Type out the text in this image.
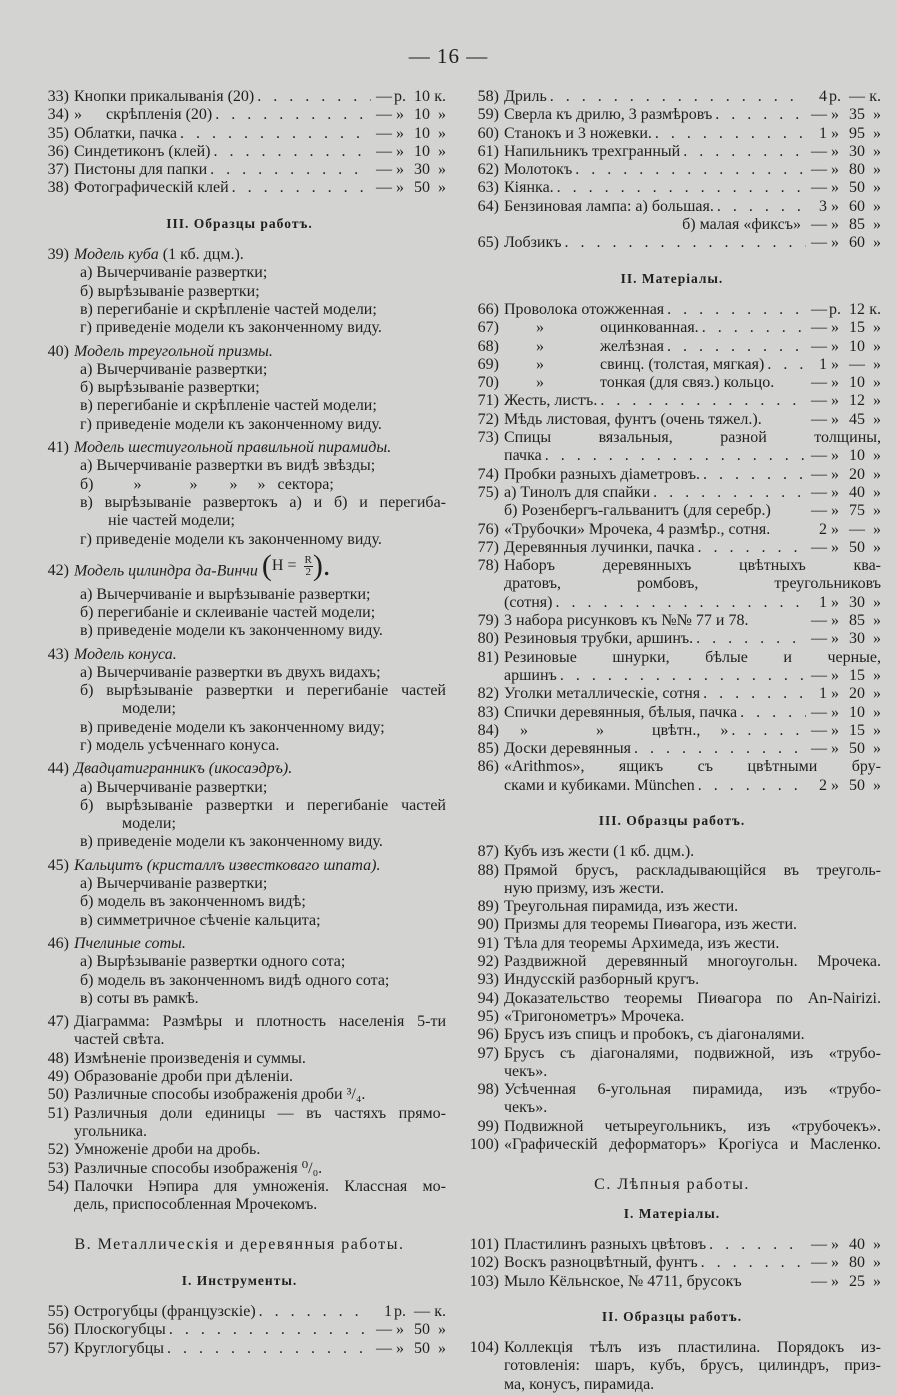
— 16 —
33) Кнопки прикалыванія (20) . . .	— р. 10 к.
34) »      скрѣпленія (20) . . .	— » 10 »
35) Облатки, пачка . . .	— » 10 »
36) Синдетиконъ (клей) . . .	— » 10 »
37) Пистоны для папки . . .	— » 30 »
38) Фотографическій клей . . .	— » 50 »
III. Образцы работъ.
39) Модель куба (1 кб. дцм.).
а) Вычерчиваніе развертки;
б) вырѣзываніе развертки;
в) перегибаніе и скрѣпленіе частей модели;
г) приведеніе модели къ законченному виду.
40) Модель треугольной призмы.
а) Вычерчиваніе развертки;
б) вырѣзываніе развертки;
в) перегибаніе и скрѣпленіе частей модели;
г) приведеніе модели къ законченному виду.
41) Модель шестиугольной правильной пирамиды.
а) Вычерчиваніе развертки въ видѣ звѣзды;
б)          »            »        »     »   сектора;
в) вырѣзываніе развертокъ а) и б) и перегиба-
ніе частей модели;
г) приведеніе модели къ законченному виду.
42) Модель цилиндра да-Винчи ( $H = \frac{R}{2}$ ).
а) Вычерчиваніе и вырѣзываніе развертки;
б) перегибаніе и склеиваніе частей модели;
в) приведеніе модели къ законченному виду.
43) Модель конуса.
а) Вычерчиваніе развертки въ двухъ видахъ;
б) вырѣзываніе развертки и перегибаніе частей
модели;
в) приведеніе модели къ законченному виду;
г) модель усѣченнаго конуса.
44) Двадцатигранникъ (икосаэдръ).
а) Вычерчиваніе развертки;
б) вырѣзываніе развертки и перегибаніе частей
модели;
в) приведеніе модели къ законченному виду.
45) Кальцитъ (кристаллъ известковаго шпата).
а) Вычерчиваніе развертки;
б) модель въ законченномъ видѣ;
в) симметричное сѣченіе кальцита;
46) Пчелиные соты.
а) Вырѣзываніе развертки одного сота;
б) модель въ законченномъ видѣ одного сота;
в) соты въ рамкѣ.
47) Діаграмма: Размѣры и плотность населенія 5-ти
частей свѣта.
48) Измѣненіе произведенія и суммы.
49) Образованіе дроби при дѣленіи.
50) Различные способы изображенія дроби ³/₄.
51) Различныя доли единицы — въ частяхъ прямо-
угольника.
52) Умноженіе дроби на дробь.
53) Различные способы изображенія ⁰/₀.
54) Палочки Нэпира для умноженія. Классная мо-
дель, приспособленная Мрочекомъ.
В. Металлическія и деревянныя работы.
I. Инструменты.
55) Острогубцы (французскіе) . . .	1 р. — к.
56) Плоскогубцы . . .	— » 50 »
57) Круглогубцы . . .	— » 50 »
58) Дриль . . .	4 р. — к.
59) Сверла къ дрилю, 3 размѣровъ . . .	— » 35 »
60) Станокъ и 3 ножевки. . . .	1 » 95 »
61) Напильникъ трехгранный . . .	— » 30 »
62) Молотокъ . . .	— » 80 »
63) Кіянка. . . .	— » 50 »
64) Бензиновая лампа: а) большая. . . .	3 » 60 »
б) малая «фиксъ» — » 85 »
65) Лобзикъ . . .	— » 60 »
II. Матеріалы.
66) Проволока отожженная . . .	— р. 12 к.
67) »              оцинкованная. . . .	— » 15 »
68) »              желѣзная . . .	— » 10 »
69) »              свинц. (толстая, мягкая) . . .	1 » — »
70) »              тонкая (для связ.) кольцо. — » 10 »
71) Жесть, листъ. . . .	— » 12 »
72) Мѣдь листовая, фунтъ (очень тяжел.).	— » 45 »
73) Спицы вязальныя, разной толщины,
пачка . . .	— » 10 »
74) Пробки разныхъ діаметровъ. . . .	— » 20 »
75) а) Тинолъ для спайки . . .	— » 40 »
б) Розенбергъ-гальванитъ (для серебр.)	— » 75 »
76) «Трубочки» Мрочека, 4 размѣр., сотня.	2 » — »
77) Деревянныя лучинки, пачка . . .	— » 50 »
78) Наборъ деревянныхъ цвѣтныхъ ква-
дратовъ, ромбовъ, треугольниковъ
(сотня) . . .	1 » 30 »
79) 3 набора рисунковъ къ №№ 77 и 78.	— » 85 »
80) Резиновыя трубки, аршинъ. . . .	— » 30 »
81) Резиновые шнурки, бѣлые и черные,
аршинъ . . .	— » 15 »
82) Уголки металлическіе, сотня . . .	1 » 20 »
83) Спички деревянныя, бѣлыя, пачка . . .	— » 10 »
84) »                 »            цвѣтн.,     » . . .	— » 15 »
85) Доски деревянныя . . .	— » 50 »
86) «Arithmos», ящикъ съ цвѣтными бру-
сками и кубиками. München . . .	2 » 50 »
III. Образцы работъ.
87) Кубъ изъ жести (1 кб. дцм.).
88) Прямой брусъ, раскладывающійся въ треуголь-
ную призму, изъ жести.
89) Треугольная пирамида, изъ жести.
90) Призмы для теоремы Пиѳагора, изъ жести.
91) Тѣла для теоремы Архимеда, изъ жести.
92) Раздвижной деревянный многоугольн. Мрочека.
93) Индусскій разборный кругъ.
94) Доказательство теоремы Пиѳагора по An-Nairizi.
95) «Тригонометръ» Мрочека.
96) Брусъ изъ спицъ и пробокъ, съ діагоналями.
97) Брусъ съ діагоналями, подвижной, изъ «трубо-
чекъ».
98) Усѣченная 6-угольная пирамида, изъ «трубо-
чекъ».
99) Подвижной четыреугольникъ, изъ «трубочекъ».
100) «Графическій деформаторъ» Крогіуса и Масленко.
С. Лѣпныя работы.
I. Матеріалы.
101) Пластилинъ разныхъ цвѣтовъ . . .	— » 40 »
102) Воскъ разноцвѣтный, фунтъ . . .	— » 80 »
103) Мыло Кёльнское, № 4711, брусокъ	— » 25 »
II. Образцы работъ.
104) Коллекція тѣлъ изъ пластилина. Порядокъ из-
готовленія: шаръ, кубъ, брусъ, цилиндръ, приз-
ма, конусъ, пирамида.
